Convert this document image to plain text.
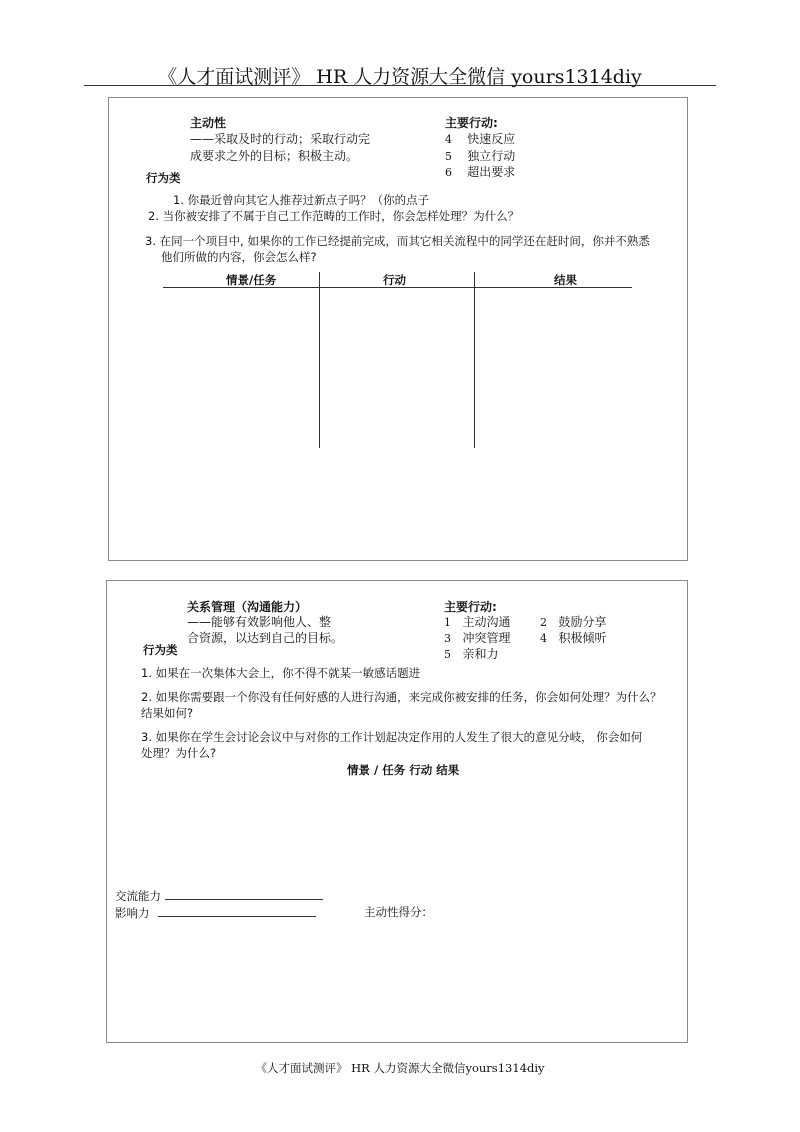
《人才面试测评》 HR 人力资源大全微信 yours1314diy
主动性
——采取及时的行动；采取行动完
成要求之外的目标；积极主动。
主要行动:
4 快速反应
5 独立行动
6 超出要求
行为类
1. 你最近曾向其它人推荐过新点子吗？（你的点子
2. 当你被安排了不属于自己工作范畴的工作时，你会怎样处理？为什么？
3. 在同一个项目中, 如果你的工作已经提前完成，而其它相关流程中的同学还在赶时间，你并不熟悉
他们所做的内容，你会怎么样?
情景/任务	行动	结果
关系管理（沟通能力）
——能够有效影响他人、整
合资源，以达到自己的目标。
主要行动:
1 主动沟通	2 鼓励分享
3 冲突管理	4 积极倾听
5 亲和力
行为类
1. 如果在一次集体大会上，你不得不就某一敏感话题进
2. 如果你需要跟一个你没有任何好感的人进行沟通，来完成你被安排的任务，你会如何处理？为什么？
结果如何?
3. 如果你在学生会讨论会议中与对你的工作计划起决定作用的人发生了很大的意见分岐， 你会如何
处理？为什么?
情景 / 任务 行动 结果
交流能力
影响力	主动性得分：
《人才面试测评》 HR 人力资源大全微信yours1314diy
